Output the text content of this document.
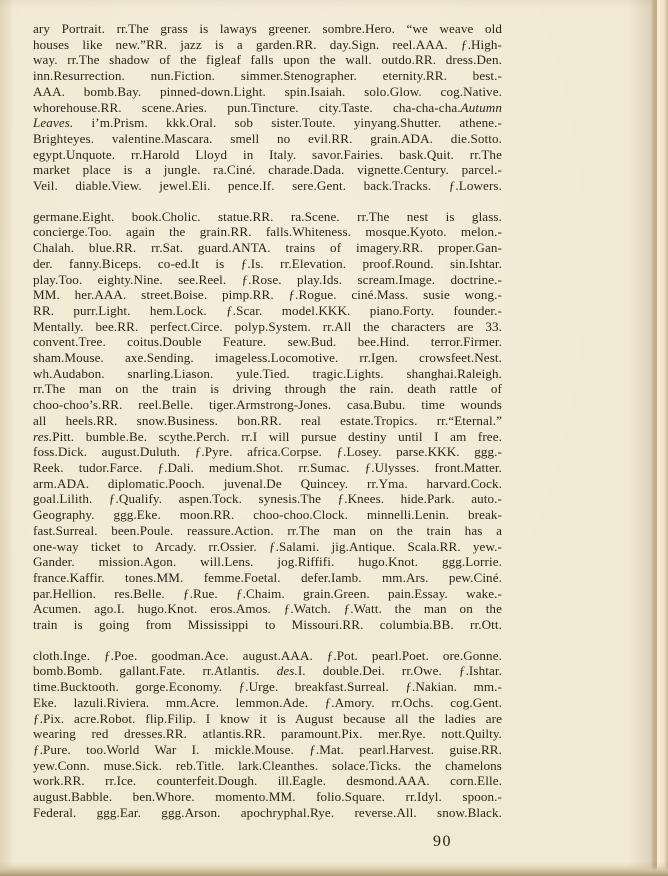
ary Portrait. rr.The grass is laways greener. sombre.Hero. “we weave old
houses like new.”RR. jazz is a garden.RR. day.Sign. reel.AAA. ƒ.High-
way. rr.The shadow of the figleaf falls upon the wall. outdo.RR. dress.Den.
inn.Resurrection. nun.Fiction. simmer.Stenographer. eternity.RR. best.-
AAA. bomb.Bay. pinned-down.Light. spin.Isaiah. solo.Glow. cog.Native.
whorehouse.RR. scene.Aries. pun.Tincture. city.Taste. cha-cha-cha.Autumn
Leaves. i’m.Prism. kkk.Oral. sob sister.Toute. yinyang.Shutter. athene.-
Brighteyes. valentine.Mascara. smell no evil.RR. grain.ADA. die.Sotto.
egypt.Unquote. rr.Harold Lloyd in Italy. savor.Fairies. bask.Quit. rr.The
market place is a jungle. ra.Ciné. charade.Dada. vignette.Century. parcel.-
Veil. diable.View. jewel.Eli. pence.If. sere.Gent. back.Tracks. ƒ.Lowers.
germane.Eight. book.Cholic. statue.RR. ra.Scene. rr.The nest is glass.
concierge.Too. again the grain.RR. falls.Whiteness. mosque.Kyoto. melon.-
Chalah. blue.RR. rr.Sat. guard.ANTA. trains of imagery.RR. proper.Gan-
der. fanny.Biceps. co-ed.It is ƒ.Is. rr.Elevation. proof.Round. sin.Ishtar.
play.Too. eighty.Nine. see.Reel. ƒ.Rose. play.Ids. scream.Image. doctrine.-
MM. her.AAA. street.Boise. pimp.RR. ƒ.Rogue. ciné.Mass. susie wong.-
RR. purr.Light. hem.Lock. ƒ.Scar. model.KKK. piano.Forty. founder.-
Mentally. bee.RR. perfect.Circe. polyp.System. rr.All the characters are 33.
convent.Tree. coitus.Double Feature. sew.Bud. bee.Hind. terror.Firmer.
sham.Mouse. axe.Sending. imageless.Locomotive. rr.Igen. crowsfeet.Nest.
wh.Audabon. snarling.Liason. yule.Tied. tragic.Lights. shanghai.Raleigh.
rr.The man on the train is driving through the rain. death rattle of
choo-choo’s.RR. reel.Belle. tiger.Armstrong-Jones. casa.Bubu. time wounds
all heels.RR. snow.Business. bon.RR. real estate.Tropics. rr.“Eternal.”
res.Pitt. bumble.Be. scythe.Perch. rr.I will pursue destiny until I am free.
foss.Dick. august.Duluth. ƒ.Pyre. africa.Corpse. ƒ.Losey. parse.KKK. ggg.-
Reek. tudor.Farce. ƒ.Dali. medium.Shot. rr.Sumac. ƒ.Ulysses. front.Matter.
arm.ADA. diplomatic.Pooch. juvenal.De Quincey. rr.Yma. harvard.Cock.
goal.Lilith. ƒ.Qualify. aspen.Tock. synesis.The ƒ.Knees. hide.Park. auto.-
Geography. ggg.Eke. moon.RR. choo-choo.Clock. minnelli.Lenin. break-
fast.Surreal. been.Poule. reassure.Action. rr.The man on the train has a
one-way ticket to Arcady. rr.Ossier. ƒ.Salami. jig.Antique. Scala.RR. yew.-
Gander. mission.Agon. will.Lens. jog.Riffifi. hugo.Knot. ggg.Lorrie.
france.Kaffir. tones.MM. femme.Foetal. defer.Iamb. mm.Ars. pew.Ciné.
par.Hellion. res.Belle. ƒ.Rue. ƒ.Chaim. grain.Green. pain.Essay. wake.-
Acumen. ago.I. hugo.Knot. eros.Amos. ƒ.Watch. ƒ.Watt. the man on the
train is going from Mississippi to Missouri.RR. columbia.BB. rr.Ott.
cloth.Inge. ƒ.Poe. goodman.Ace. august.AAA. ƒ.Pot. pearl.Poet. ore.Gonne.
bomb.Bomb. gallant.Fate. rr.Atlantis. des.I. double.Dei. rr.Owe. ƒ.Ishtar.
time.Bucktooth. gorge.Economy. ƒ.Urge. breakfast.Surreal. ƒ.Nakian. mm.-
Eke. lazuli.Riviera. mm.Acre. lemmon.Ade. ƒ.Amory. rr.Ochs. cog.Gent.
ƒ.Pix. acre.Robot. flip.Filip. I know it is August because all the ladies are
wearing red dresses.RR. atlantis.RR. paramount.Pix. mer.Rye. nott.Quilty.
ƒ.Pure. too.World War I. mickle.Mouse. ƒ.Mat. pearl.Harvest. guise.RR.
yew.Conn. muse.Sick. reb.Title. lark.Cleanthes. solace.Ticks. the chamelons
work.RR. rr.Ice. counterfeit.Dough. ill.Eagle. desmond.AAA. corn.Elle.
august.Babble. ben.Whore. momento.MM. folio.Square. rr.Idyl. spoon.-
Federal. ggg.Ear. ggg.Arson. apochryphal.Rye. reverse.All. snow.Black.
90
